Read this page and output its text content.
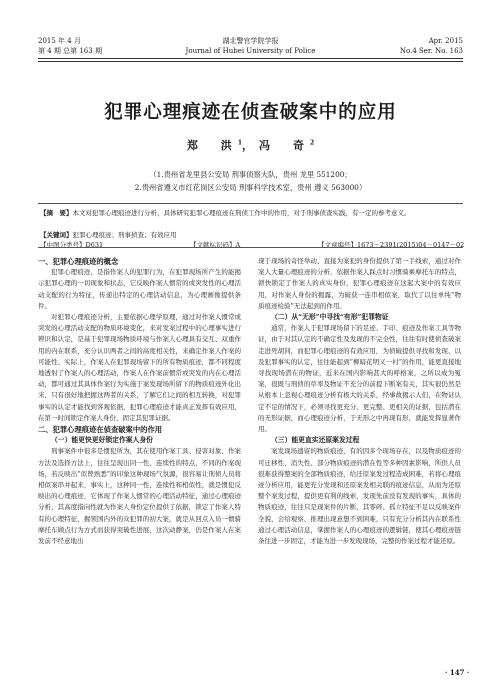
2015 年 4 月
第 4 期 总第 163 期
湖北警官学院学报
Journal of Hubei University of Police
Apr. 2015
No.4 Ser. No. 163
犯罪心理痕迹在侦查破案中的应用
郑　洪$^1$，冯　奇$^2$
（1.贵州省龙里县公安局 刑事侦察大队，贵州 龙里 551200；
2.贵州省遵义市红花岗区公安局 刑事科学技术室，贵州 遵义 563000）
【摘　要】本文对犯罪心理痕迹进行分析，具体研究犯罪心理痕迹在刑侦工作中的作用，对于刑事侦查实践，有一定的参考意义。
【关键词】犯罪心理痕迹；刑事侦查；有效应用
【中图分类号】D631	【文献标识码】A	【文章编号】1673－2391(2015)04－0147－02

一、犯罪心理痕迹的概念

犯罪心理痕迹，是指作案人的犯罪行为，在犯罪现场所产生的能揭示犯罪心理的一切现象和状态，它反映作案人惯常的或突发性的心理活动支配的行为特征，传递出特定的心理活动信息，为心理画像提供条件。

对犯罪心理痕迹分析，主要依据心理学原理，通过对作案人惯常或突发的心理活动支配的物质环境变化，来对发案过程中的心理事实进行辨识和认定，是基于犯罪现场物质环境与作案人心理具有交互、双重作用的内在联系，充分认识两者之间的高度相关性，来确定作案人作案的可能性、实际上，作案人在犯罪现场留下的所有物质痕迹，都不同程度地透射了作案人的心理活动，作案人在作案前惯常或突发的内在心理活动，都可通过其具体作案行为实施于案发现场所留下的物质痕迹外化出来，只有很好地把握这两者的关系，了解它们之间的相互转换，对犯罪事实的认定才能找到客观依据，犯罪心理痕迹才能真正发挥有效应用，在第一时间锁定作案人身份，固定其犯罪证据。

二、犯罪心理痕迹在侦查破案中的作用

（一）能更快更好锁定作案人身份

刑事案件中很多是惯犯所为，其在使用作案工具、侵害对象、作案方法及选择方法上，往往呈现出同一性、连续性的特点，不同的作案现场，若反映出“似曾熟悉”的印象这种现场气氛源，很容易让刑侦人员将相似案串并起来，事实上，这种同一性、连续性和相似性，就是惯犯反映出的心理痕迹，它体现了作案人惯常的心理活动特征，通过心理痕迹分析，其高度指向性就为作案人身份定位提供了依据，锁定了作案人特有的心理特征，握领国内外的众犯罪的初大案，就是从回点入员一惯骑摩托车顾点行为方式而获得突破性进展，这次动静案，仍是作案人在案发前不经意地出

现于现场的奇怪举动，直接为案犯的身份提供了第一手线索，通过对作案人大量心理痕迹的分析，依据作案人踩点时习惯骑乘摩托车的特点，锁快锁定了作案人的真实身份，犯罪心理痕迹在这起大案中的有效应用，对作案人身份的揭露，为破获一连串相似案，取代了以往单纯“物质痕迹检验”无法起到的作用。

（二）从“无形”中寻找“有形”犯罪物证

通常，作案人于犯罪现场留下的足迹、手印、痕迹及作案工具等物证，由于对其认定的不确定性及发现的不完全性，往往有时使侦查破案走进死胡同，而犯罪心理痕迹的有效应用，为侦破提供寻找和发现、以及犯罪事实的认定，往往能起到“柳暗花明又一村”的作用，能更直接地寻找现场潜在的物证，近来在国内影响甚大的呼格案，之所以成为冤案，很既与刑侦的草率及物证不充分的前提下断案有关，其实很仍然是从根本上忽视心理痕迹分析有极大的关系，经事故揭示人们，在物证认定不足的情况下，必须寻找更充分、更完整、更相关的证据，包括潜在的无形证据，而心理痕迹分析，于无形之中再现有形，就能发挥显著作用。

（三）能更直实还原案发过程

案发现场遗留的物质痕迹，有的因多个现场存在，以及物质痕迹的可迁移性、消失性、部分物质痕迹的潜在性等多种因素影响，所供人员很难获得整案的全部物质痕迹，给还原案发过程造成困难，若将心理痕迹分析应用，能更充分发现和还原案发相关联的痕迹信息，从而为还原整个案发过程，提供更有利的线索，发现先前没有发现的事实，具体的物质痕迹，往往只是现案件的片断，其零碎、孤立特征不足以反映案件全貌，会给观察、推理出现意想不到困难，只有充分分析其内在联系性通过心理活动信息，掌握作案人的心理痕迹的逻辑链，使其心理痕迹链条往进一步固定，才能为进一步发现现场，完整的作案过程才能还原。

· 147 ·
